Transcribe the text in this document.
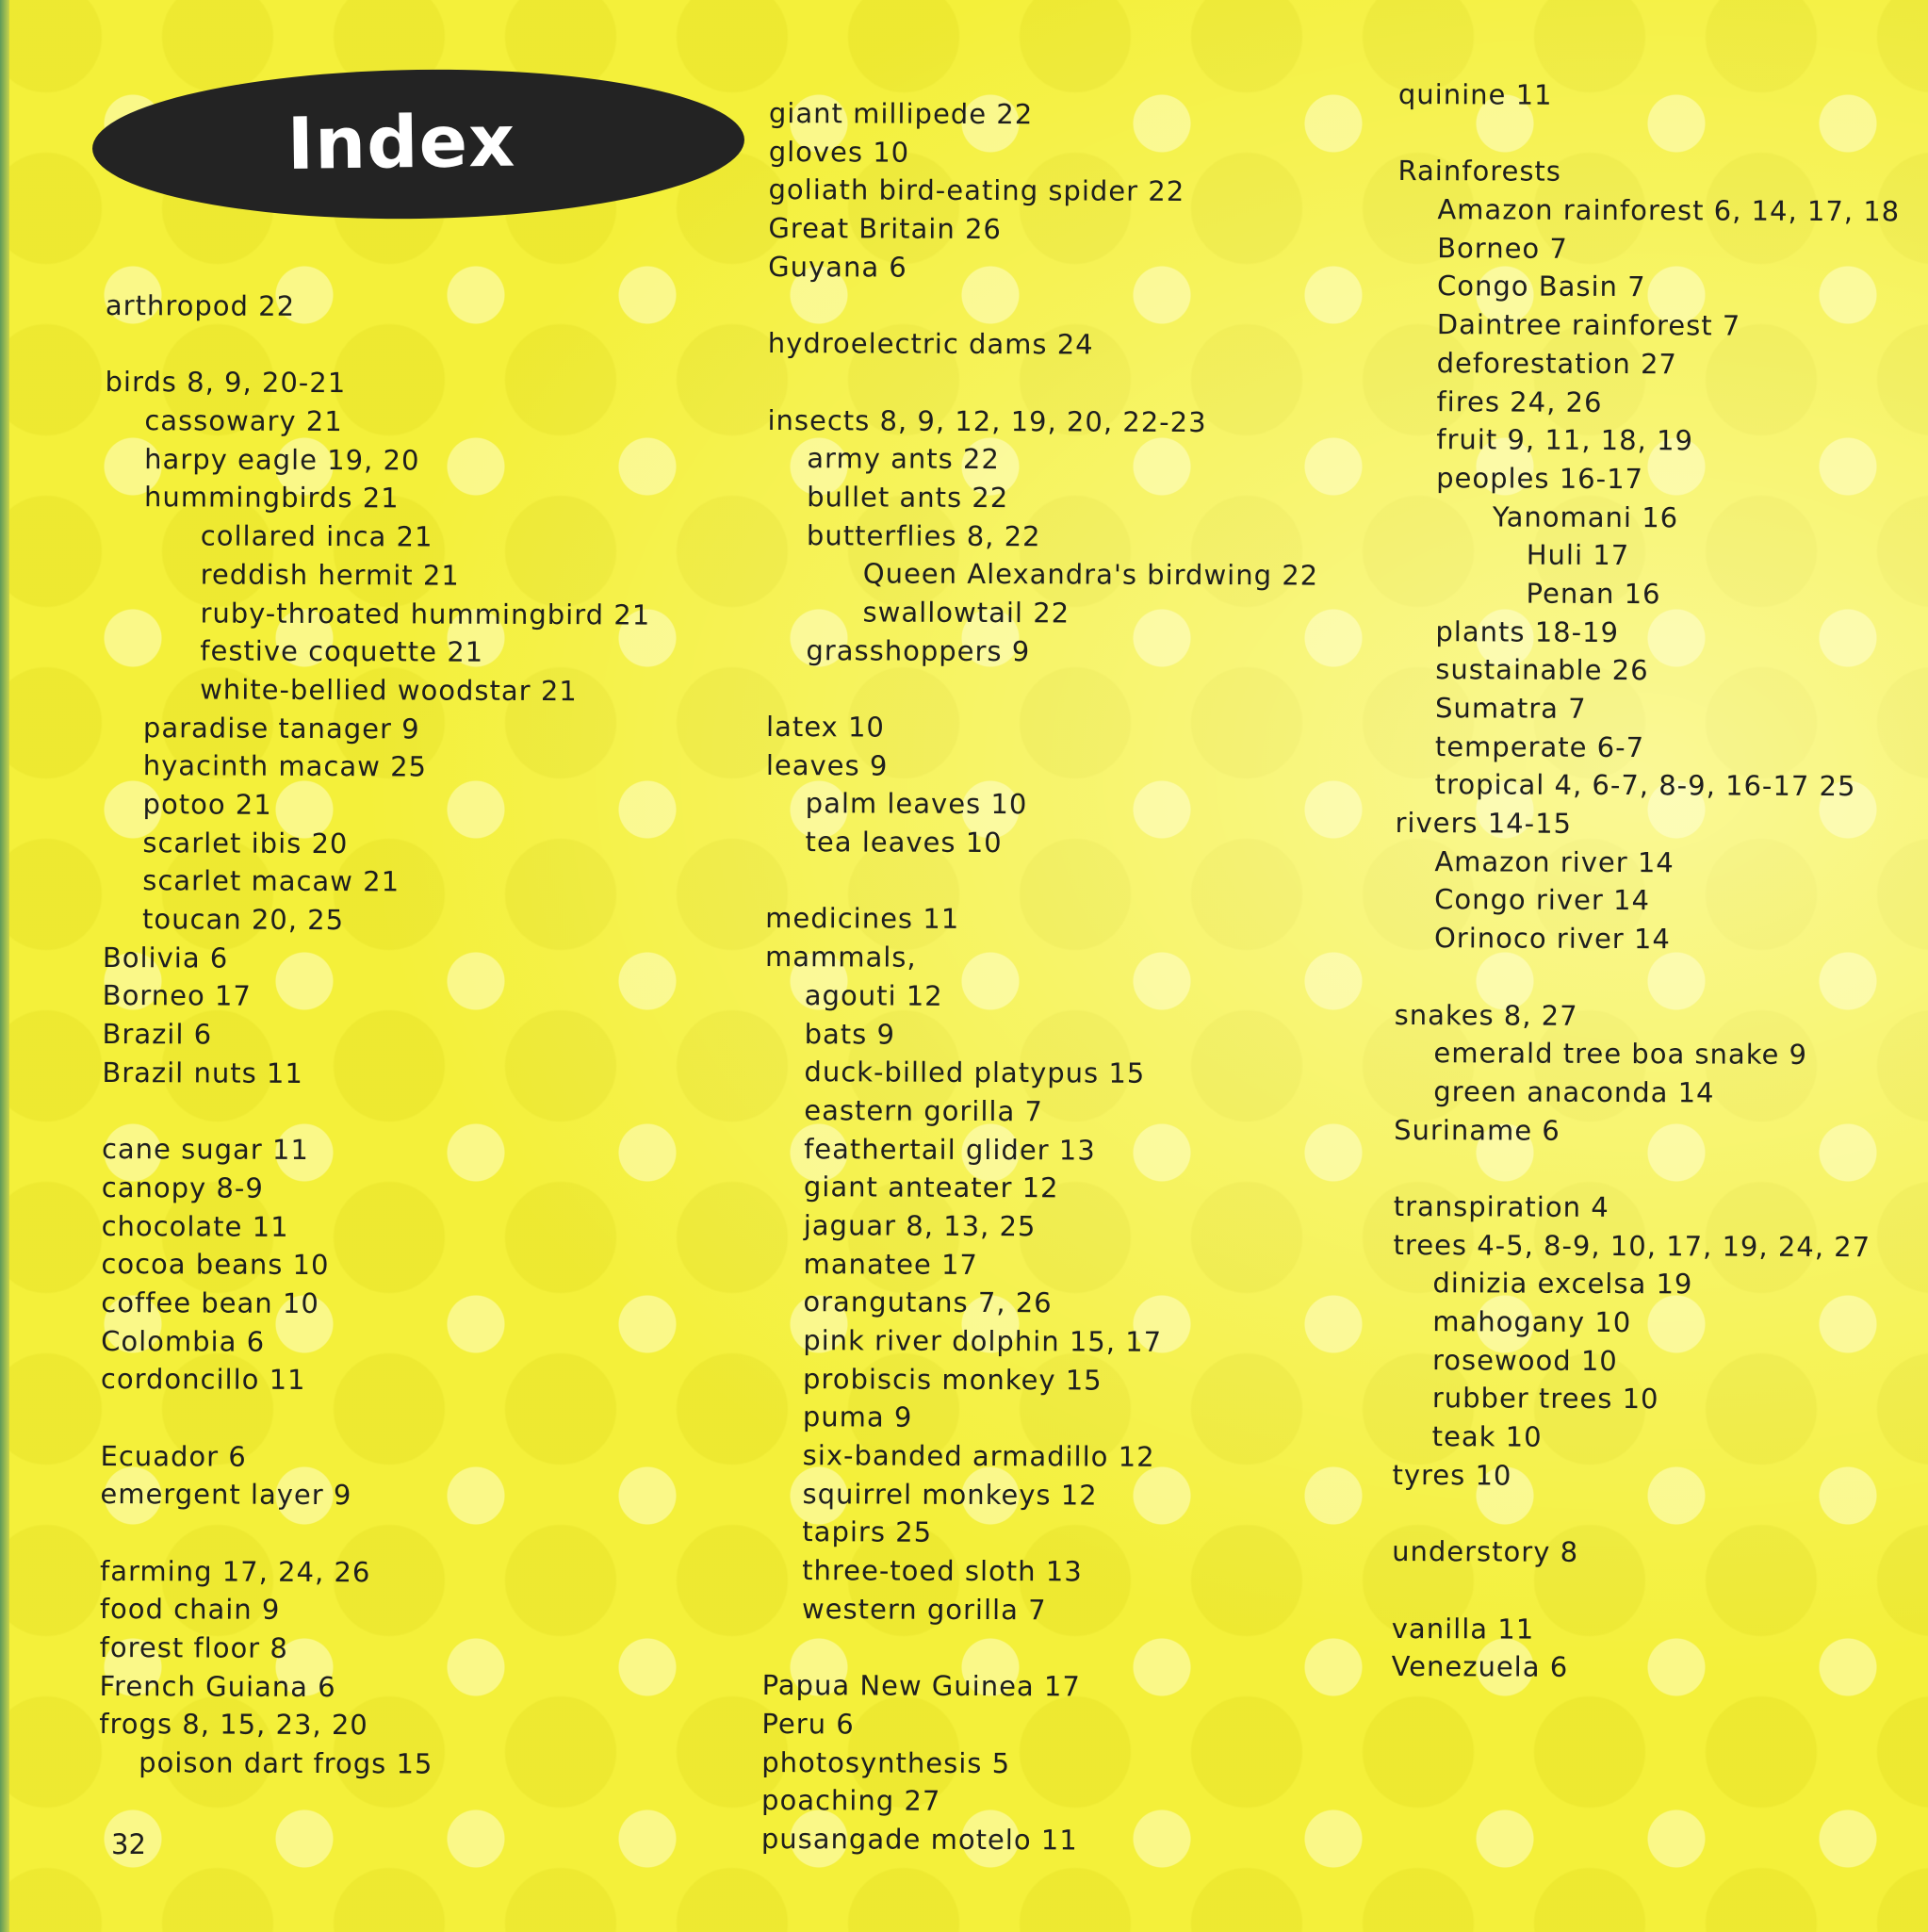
Index
arthropod 22
birds 8, 9, 20-21
cassowary 21
harpy eagle 19, 20
hummingbirds 21
collared inca 21
reddish hermit 21
ruby-throated hummingbird 21
festive coquette 21
white-bellied woodstar 21
paradise tanager 9
hyacinth macaw 25
potoo 21
scarlet ibis 20
scarlet macaw 21
toucan 20, 25
Bolivia 6
Borneo 17
Brazil 6
Brazil nuts 11
cane sugar 11
canopy 8-9
chocolate 11
cocoa beans 10
coffee bean 10
Colombia 6
cordoncillo 11
Ecuador 6
emergent layer 9
farming 17, 24, 26
food chain 9
forest floor 8
French Guiana 6
frogs 8, 15, 23, 20
poison dart frogs 15
giant millipede 22
gloves 10
goliath bird-eating spider 22
Great Britain 26
Guyana 6
hydroelectric dams 24
insects 8, 9, 12, 19, 20, 22-23
army ants 22
bullet ants 22
butterflies 8, 22
Queen Alexandra's birdwing 22
swallowtail 22
grasshoppers 9
latex 10
leaves 9
palm leaves 10
tea leaves 10
medicines 11
mammals,
agouti 12
bats 9
duck-billed platypus 15
eastern gorilla 7
feathertail glider 13
giant anteater 12
jaguar 8, 13, 25
manatee 17
orangutans 7, 26
pink river dolphin 15, 17
probiscis monkey 15
puma 9
six-banded armadillo 12
squirrel monkeys 12
tapirs 25
three-toed sloth 13
western gorilla 7
Papua New Guinea 17
Peru 6
photosynthesis 5
poaching 27
pusangade motelo 11
quinine 11
Rainforests
Amazon rainforest 6, 14, 17, 18
Borneo 7
Congo Basin 7
Daintree rainforest 7
deforestation 27
fires 24, 26
fruit 9, 11, 18, 19
peoples 16-17
Yanomani 16
Huli 17
Penan 16
plants 18-19
sustainable 26
Sumatra 7
temperate 6-7
tropical 4, 6-7, 8-9, 16-17 25
rivers 14-15
Amazon river 14
Congo river 14
Orinoco river 14
snakes 8, 27
emerald tree boa snake 9
green anaconda 14
Suriname 6
transpiration 4
trees 4-5, 8-9, 10, 17, 19, 24, 27
dinizia excelsa 19
mahogany 10
rosewood 10
rubber trees 10
teak 10
tyres 10
understory 8
vanilla 11
Venezuela 6
32
